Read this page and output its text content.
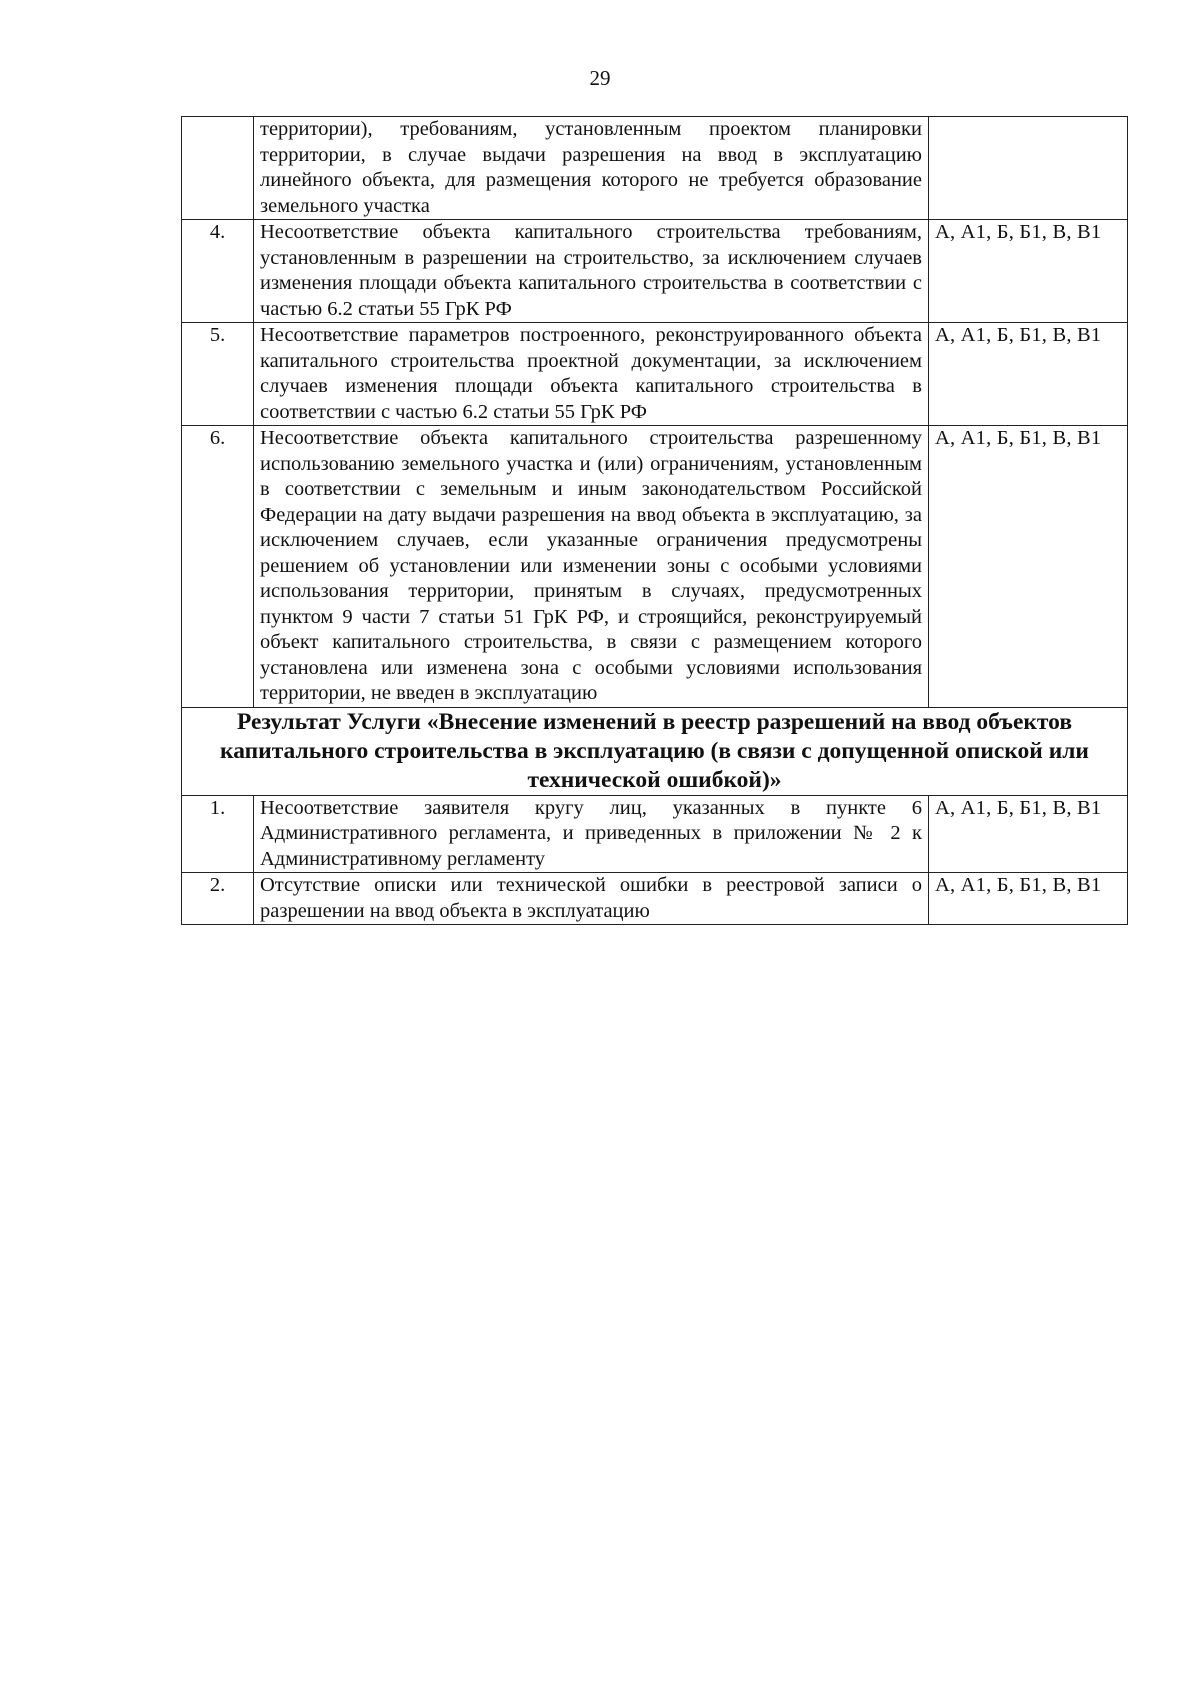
29
	территории), требованиям, установленным проектом планировки территории, в случае выдачи разрешения на ввод в эксплуатацию линейного объекта, для размещения которого не требуется образование земельного участка	
4.	Несоответствие объекта капитального строительства требованиям, установленным в разрешении на строительство, за исключением случаев изменения площади объекта капитального строительства в соответствии с частью 6.2 статьи 55 ГрК РФ	А, А1, Б, Б1, В, В1
5.	Несоответствие параметров построенного, реконструированного объекта капитального строительства проектной документации, за исключением случаев изменения площади объекта капитального строительства в соответствии с частью 6.2 статьи 55 ГрК РФ	А, А1, Б, Б1, В, В1
6.	Несоответствие объекта капитального строительства разрешенному использованию земельного участка и (или) ограничениям, установленным в соответствии с земельным и иным законодательством Российской Федерации на дату выдачи разрешения на ввод объекта в эксплуатацию, за исключением случаев, если указанные ограничения предусмотрены решением об установлении или изменении зоны с особыми условиями использования территории, принятым в случаях, предусмотренных пунктом 9 части 7 статьи 51 ГрК РФ, и строящийся, реконструируемый объект капитального строительства, в связи с размещением которого установлена или изменена зона с особыми условиями использования территории, не введен в эксплуатацию	А, А1, Б, Б1, В, В1
Результат Услуги «Внесение изменений в реестр разрешений на ввод объектов капитального строительства в эксплуатацию (в связи с допущенной опиской или технической ошибкой)»		
1.	Несоответствие заявителя кругу лиц, указанных в пункте 6 Административного регламента, и приведенных в приложении № 2 к Административному регламенту	А, А1, Б, Б1, В, В1
2.	Отсутствие описки или технической ошибки в реестровой записи о разрешении на ввод объекта в эксплуатацию	А, А1, Б, Б1, В, В1
